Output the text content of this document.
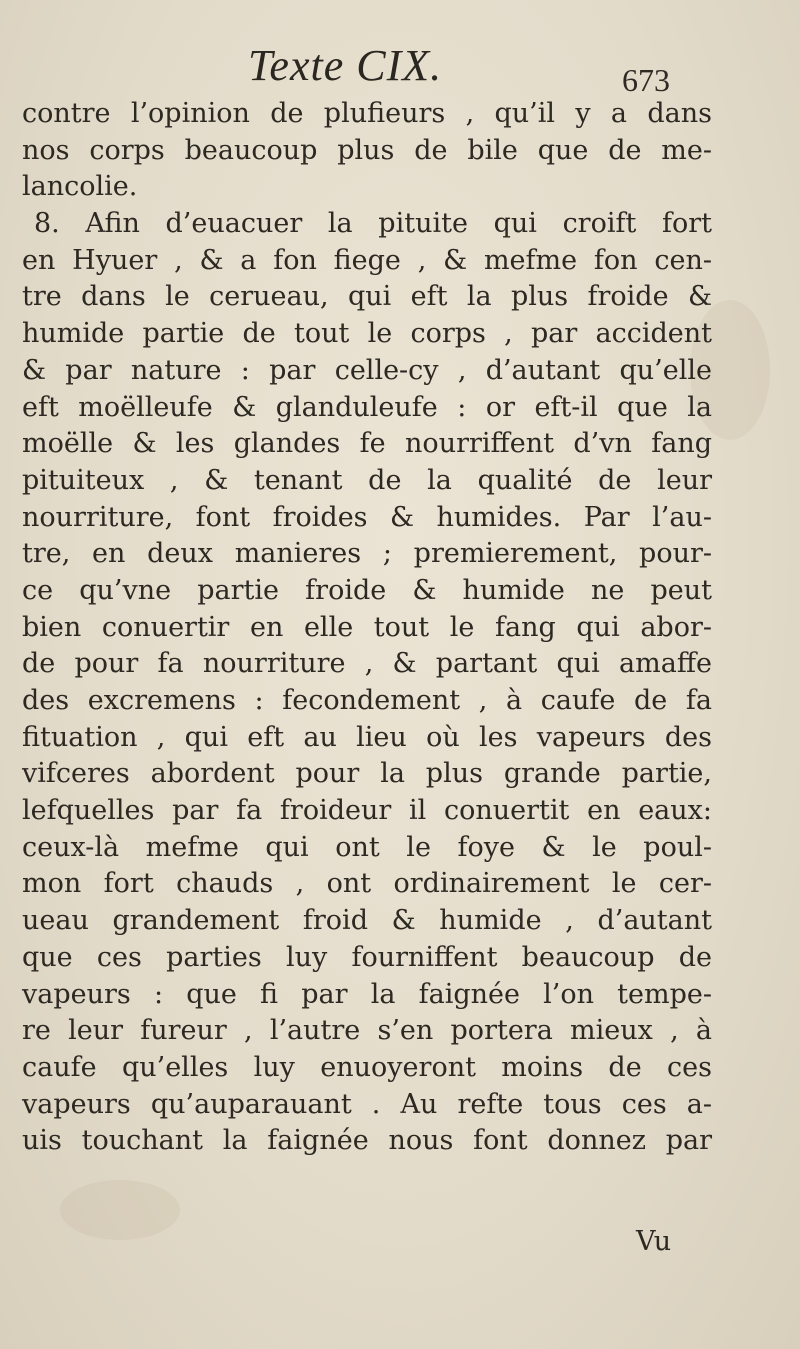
Texte CIX.	673
contre l’opinion de plufieurs , qu’il y a dans
nos corps beaucoup plus de bile que de me-
lancolie.
8. Afin d’euacuer la pituite qui croift fort
en Hyuer , & a fon fiege , & mefme fon cen-
tre dans le cerueau, qui eft la plus froide &
humide partie de tout le corps , par accident
& par nature : par celle-cy , d’autant qu’elle
eft moëlleufe & glanduleufe : or eft-il que la
moëlle & les glandes fe nourriffent d’vn fang
pituiteux , & tenant de la qualité de leur
nourriture, font froides & humides. Par l’au-
tre, en deux manieres ; premierement, pour-
ce qu’vne partie froide & humide ne peut
bien conuertir en elle tout le fang qui abor-
de pour fa nourriture , & partant qui amaffe
des excremens : fecondement , à caufe de fa
fituation , qui eft au lieu où les vapeurs des
vifceres abordent pour la plus grande partie,
lefquelles par fa froideur il conuertit en eaux:
ceux-là mefme qui ont le foye & le poul-
mon fort chauds , ont ordinairement le cer-
ueau grandement froid & humide , d’autant
que ces parties luy fourniffent beaucoup de
vapeurs : que fi par la faignée l’on tempe-
re leur fureur , l’autre s’en portera mieux , à
caufe qu’elles luy enuoyeront moins de ces
vapeurs qu’auparauant . Au refte tous ces a-
uis touchant la faignée nous font donnez par
Vu
